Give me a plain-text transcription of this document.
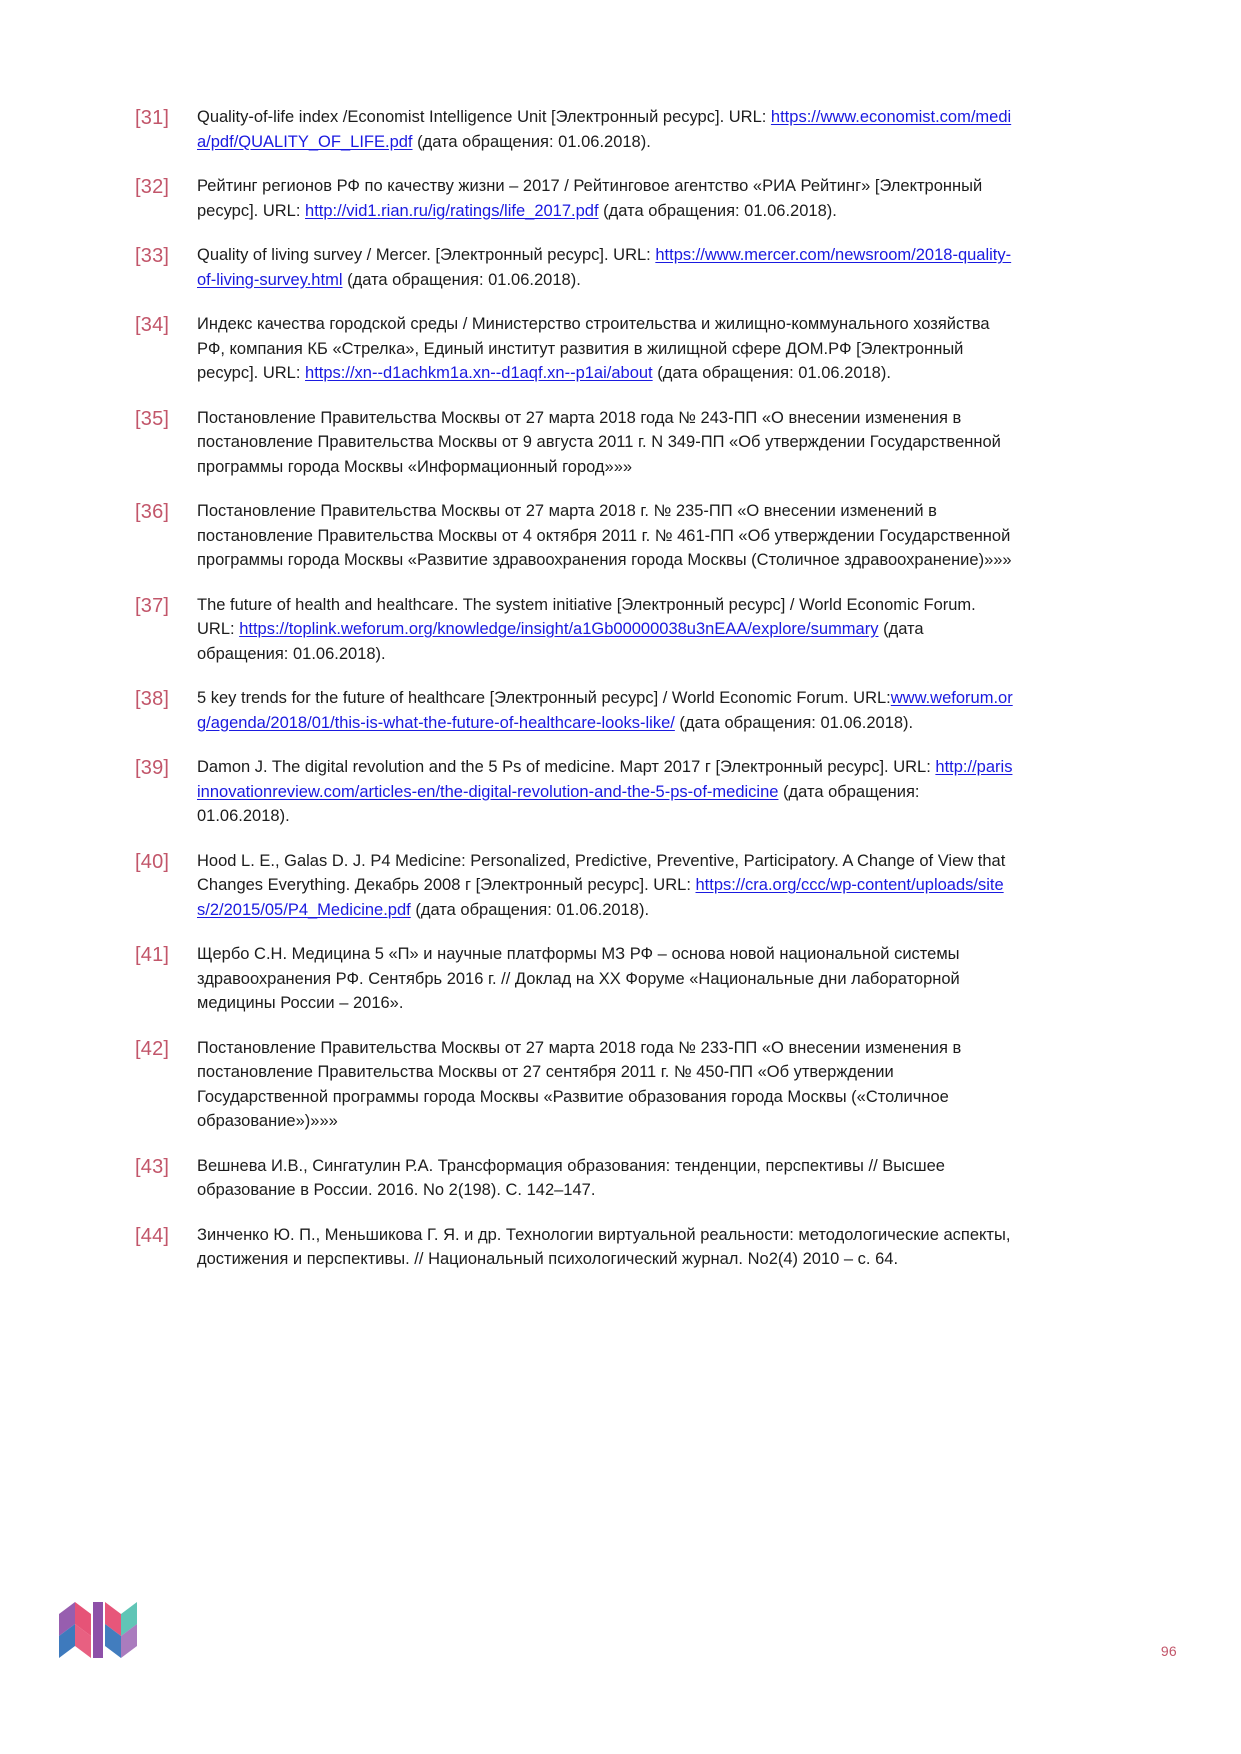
[31]	Quality-of-life index /Economist Intelligence Unit [Электронный ресурс]. URL: https://www.economist.com/media/pdf/QUALITY_OF_LIFE.pdf (дата обращения: 01.06.2018).
[32]	Рейтинг регионов РФ по качеству жизни – 2017 / Рейтинговое агентство «РИА Рейтинг» [Электронный ресурс]. URL: http://vid1.rian.ru/ig/ratings/life_2017.pdf (дата обращения: 01.06.2018).
[33]	Quality of living survey / Mercer. [Электронный ресурс]. URL: https://www.mercer.com/newsroom/2018-quality-of-living-survey.html (дата обращения: 01.06.2018).
[34]	Индекс качества городской среды / Министерство строительства и жилищно-коммунального хозяйства РФ, компания КБ «Стрелка», Единый институт развития в жилищной сфере ДОМ.РФ [Электронный ресурс]. URL: https://xn--d1achkm1a.xn--d1aqf.xn--p1ai/about (дата обращения: 01.06.2018).
[35]	Постановление Правительства Москвы от 27 марта 2018 года № 243-ПП «О внесении изменения в постановление Правительства Москвы от 9 августа 2011 г. N 349-ПП «Об утверждении Государственной программы города Москвы «Информационный город»»»
[36]	Постановление Правительства Москвы от 27 марта 2018 г. № 235-ПП «О внесении изменений в постановление Правительства Москвы от 4 октября 2011 г. № 461-ПП «Об утверждении Государственной программы города Москвы «Развитие здравоохранения города Москвы (Столичное здравоохранение)»»»
[37]	The future of health and healthcare. The system initiative [Электронный ресурс] / World Economic Forum. URL: https://toplink.weforum.org/knowledge/insight/a1Gb00000038u3nEAA/explore/summary (дата обращения: 01.06.2018).
[38]	5 key trends for the future of healthcare [Электронный ресурс] / World Economic Forum. URL:www.weforum.org/agenda/2018/01/this-is-what-the-future-of-healthcare-looks-like/ (дата обращения: 01.06.2018).
[39]	Damon J. The digital revolution and the 5 Ps of medicine. Март 2017 г [Электронный ресурс]. URL: http://parisinnovationreview.com/articles-en/the-digital-revolution-and-the-5-ps-of-medicine (дата обращения: 01.06.2018).
[40]	Hood L. E., Galas D. J. P4 Medicine: Personalized, Predictive, Preventive, Participatory. A Change of View that Changes Everything. Декабрь 2008 г [Электронный ресурс]. URL: https://cra.org/ccc/wp-content/uploads/sites/2/2015/05/P4_Medicine.pdf (дата обращения: 01.06.2018).
[41]	Щербо С.Н. Медицина 5 «П» и научные платформы МЗ РФ – основа новой национальной системы здравоохранения РФ. Сентябрь 2016 г. // Доклад на XX Форуме «Национальные дни лабораторной медицины России – 2016».
[42]	Постановление Правительства Москвы от 27 марта 2018 года № 233-ПП «О внесении изменения в постановление Правительства Москвы от 27 сентября 2011 г. № 450-ПП «Об утверждении Государственной программы города Москвы «Развитие образования города Москвы («Столичное образование»)»»»
[43]	Вешнева И.В., Сингатулин Р.А. Трансформация образования: тенденции, перспективы // Высшее образование в России. 2016. No 2(198). С. 142–147.
[44]	Зинченко Ю. П., Меньшикова Г. Я. и др. Технологии виртуальной реальности: методологические аспекты, достижения и перспективы. // Национальный психологический журнал. No2(4) 2010 – с. 64.
96
